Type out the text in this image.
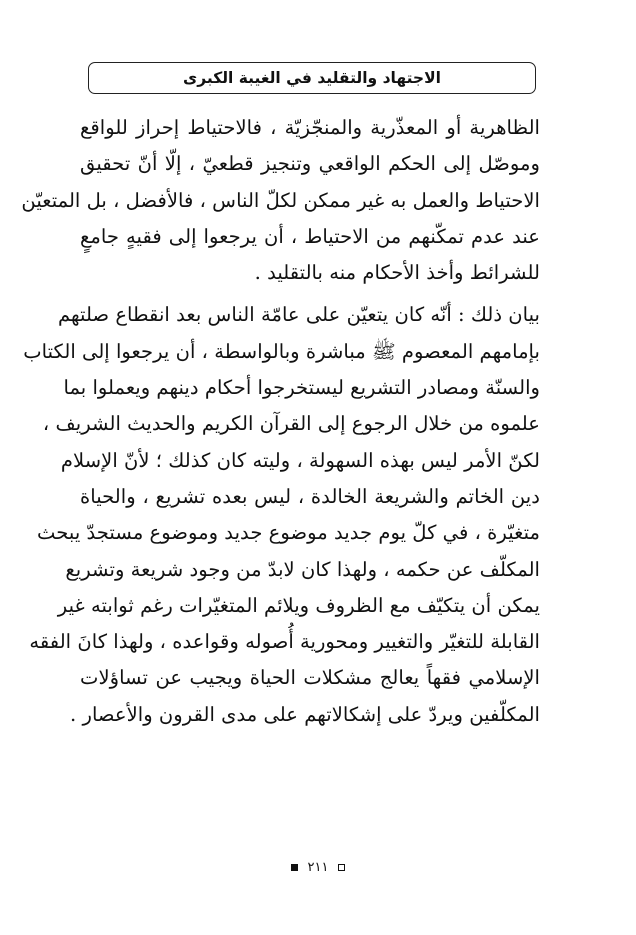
الاجتهاد والتقليد في الغيبة الكبرى
الظاهرية أو المعذّرية والمنجّزيّة ، فالاحتياط إحراز للواقع
وموصّل إلى الحكم الواقعي وتنجيز قطعيّ ، إلّا أنّ تحقيق
الاحتياط والعمل به غير ممكن لكلّ الناس ، فالأفضل ، بل المتعيّن
عند عدم تمكّنهم من الاحتياط ، أن يرجعوا إلى فقيهٍ جامعٍ
للشرائط وأخذ الأحكام منه بالتقليد .
بيان ذلك : أنّه كان يتعيّن على عامّة الناس بعد انقطاع صلتهم
بإمامهم المعصوم ﷺ مباشرة وبالواسطة ، أن يرجعوا إلى الكتاب
والسنّة ومصادر التشريع ليستخرجوا أحكام دينهم ويعملوا بما
علموه من خلال الرجوع إلى القرآن الكريم والحديث الشريف ،
لكنّ الأمر ليس بهذه السهولة ، وليته كان كذلك ؛ لأنّ الإسلام
دين الخاتم والشريعة الخالدة ، ليس بعده تشريع ، والحياة
متغيّرة ، في كلّ يوم جديد موضوع جديد وموضوع مستجدّ يبحث
المكلّف عن حكمه ، ولهذا كان لابدّ من وجود شريعة وتشريع
يمكن أن يتكيّف مع الظروف ويلائم المتغيّرات رغم ثوابته غير
القابلة للتغيّر والتغيير ومحورية أُصوله وقواعده ، ولهذا كانَ الفقه
الإسلامي فقهاً يعالج مشكلات الحياة ويجيب عن تساؤلات
المكلّفين ويردّ على إشكالاتهم على مدى القرون والأعصار .
٢١١
